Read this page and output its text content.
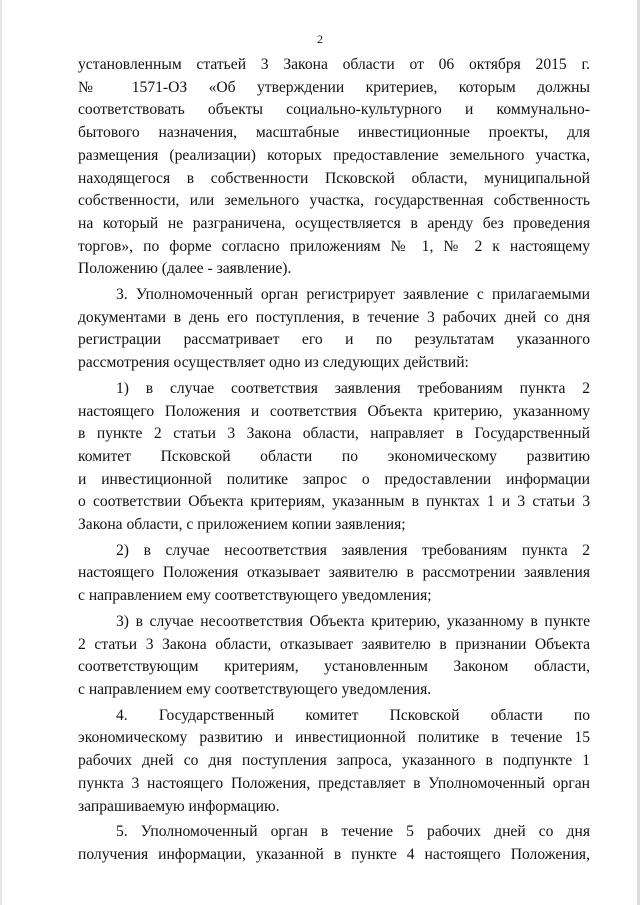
2

установленным статьей 3 Закона области от 06 октября 2015 г.
№ 1571-ОЗ «Об утверждении критериев, которым должны
соответствовать объекты социально-культурного и коммунально-
бытового назначения, масштабные инвестиционные проекты, для
размещения (реализации) которых предоставление земельного участка,
находящегося в собственности Псковской области, муниципальной
собственности, или земельного участка, государственная собственность
на который не разграничена, осуществляется в аренду без проведения
торгов», по форме согласно приложениям № 1, № 2 к настоящему
Положению (далее - заявление).

3. Уполномоченный орган регистрирует заявление с прилагаемыми
документами в день его поступления, в течение 3 рабочих дней со дня
регистрации рассматривает его и по результатам указанного
рассмотрения осуществляет одно из следующих действий:

1) в случае соответствия заявления требованиям пункта 2
настоящего Положения и соответствия Объекта критерию, указанному
в пункте 2 статьи 3 Закона области, направляет в Государственный
комитет Псковской области по экономическому развитию
и инвестиционной политике запрос о предоставлении информации
о соответствии Объекта критериям, указанным в пунктах 1 и 3 статьи 3
Закона области, с приложением копии заявления;

2) в случае несоответствия заявления требованиям пункта 2
настоящего Положения отказывает заявителю в рассмотрении заявления
с направлением ему соответствующего уведомления;

3) в случае несоответствия Объекта критерию, указанному в пункте
2 статьи 3 Закона области, отказывает заявителю в признании Объекта
соответствующим критериям, установленным Законом области,
с направлением ему соответствующего уведомления.

4. Государственный комитет Псковской области по
экономическому развитию и инвестиционной политике в течение 15
рабочих дней со дня поступления запроса, указанного в подпункте 1
пункта 3 настоящего Положения, представляет в Уполномоченный орган
запрашиваемую информацию.

5. Уполномоченный орган в течение 5 рабочих дней со дня
получения информации, указанной в пункте 4 настоящего Положения,
